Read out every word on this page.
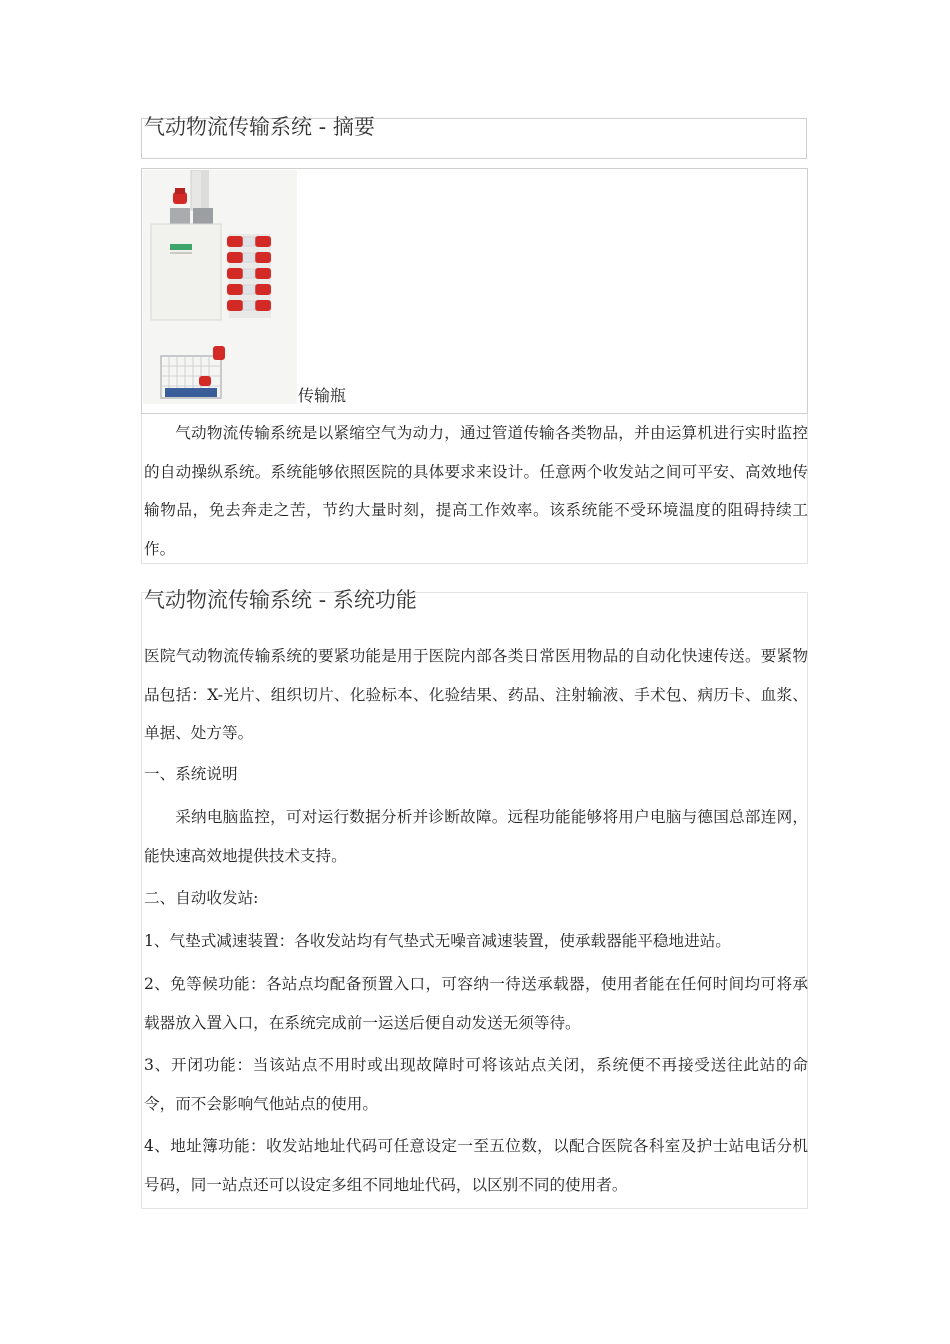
气动物流传输系统 - 摘要
传输瓶

气动物流传输系统是以紧缩空气为动力，通过管道传输各类物品，并由运算机进行实时监控的自动操纵系统。系统能够依照医院的具体要求来设计。任意两个收发站之间可平安、高效地传输物品，免去奔走之苦，节约大量时刻，提高工作效率。该系统能不受环境温度的阻碍持续工作。

气动物流传输系统 - 系统功能

医院气动物流传输系统的要紧功能是用于医院内部各类日常医用物品的自动化快速传送。要紧物品包括：X-光片、组织切片、化验标本、化验结果、药品、注射输液、手术包、病历卡、血浆、单据、处方等。

一、系统说明

采纳电脑监控，可对运行数据分析并诊断故障。远程功能能够将用户电脑与德国总部连网，能快速高效地提供技术支持。

二、自动收发站:

1、气垫式减速装置：各收发站均有气垫式无噪音减速装置，使承载器能平稳地进站。

2、免等候功能：各站点均配备预置入口，可容纳一待送承载器，使用者能在任何时间均可将承载器放入置入口，在系统完成前一运送后便自动发送无须等待。

3、开闭功能：当该站点不用时或出现故障时可将该站点关闭，系统便不再接受送往此站的命令，而不会影响气他站点的使用。

4、地址簿功能：收发站地址代码可任意设定一至五位数，以配合医院各科室及护士站电话分机号码，同一站点还可以设定多组不同地址代码，以区别不同的使用者。
